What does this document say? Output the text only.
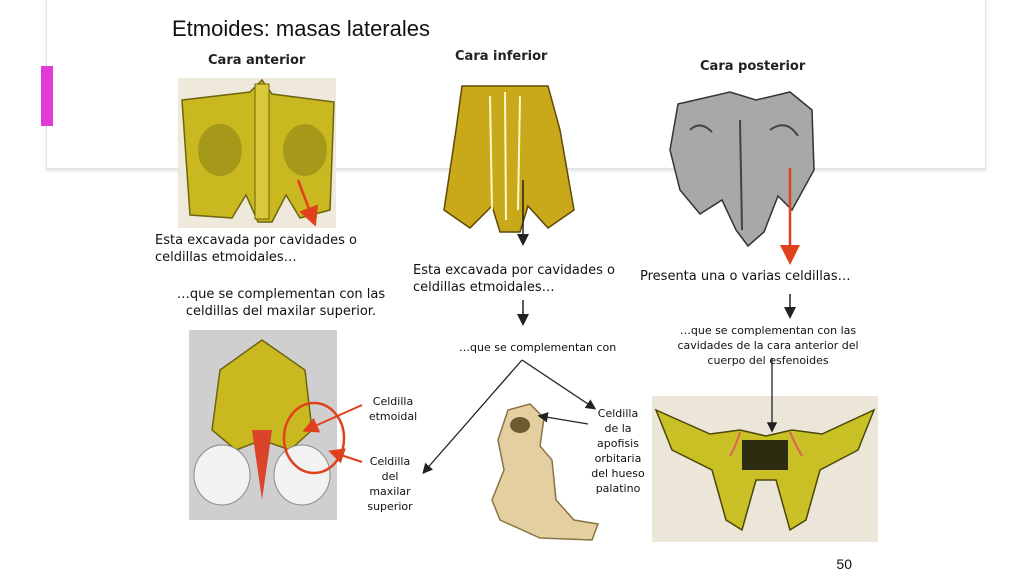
Etmoides: masas laterales
Cara anterior	Cara inferior
Cara posterior
Esta excavada por cavidades o celdillas etmoidales…
…que se complementan con las celdillas del maxilar superior.
Celdilla etmoidal
Celdilla del maxilar superior
Esta excavada por cavidades o celdillas etmoidales…
…que se complementan con
Celdilla de la apofisis orbitaria del hueso palatino
Presenta una o varias celdillas…
…que se complementan con las cavidades de la cara anterior del cuerpo del esfenoides
50
